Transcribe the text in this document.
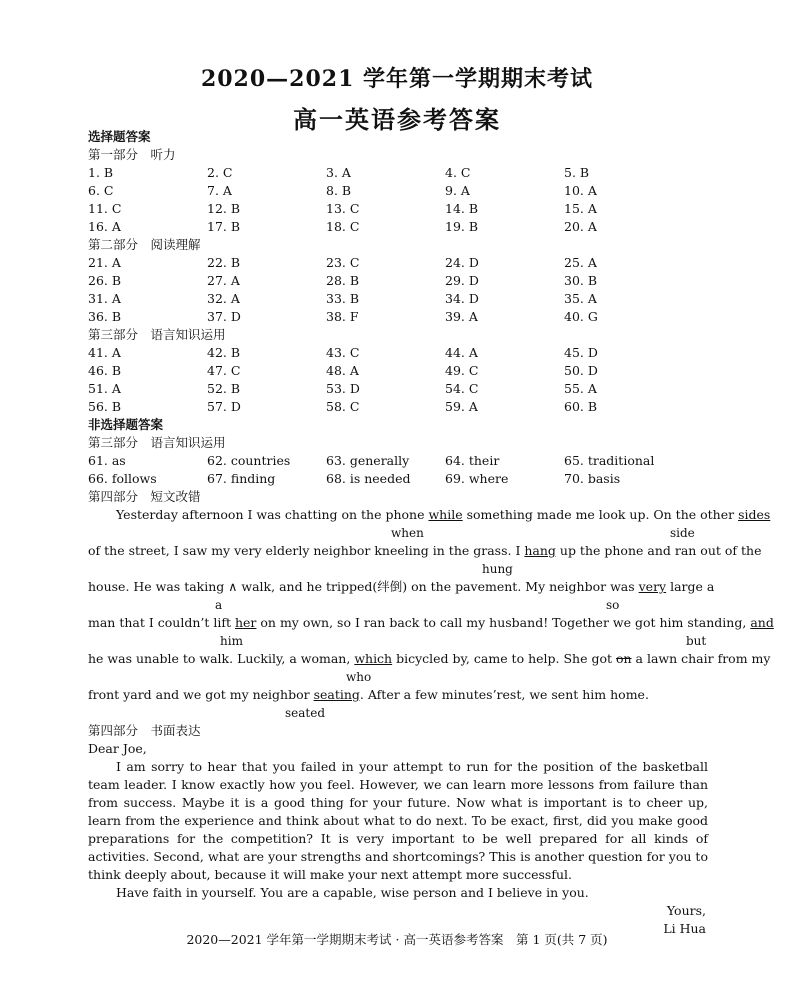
2020—2021 学年第一学期期末考试
高一英语参考答案
选择题答案
第一部分　听力
1. B	2. C	3. A	4. C	5. B
6. C	7. A	8. B	9. A	10. A
11. C	12. B	13. C	14. B	15. A
16. A	17. B	18. C	19. B	20. A
第二部分　阅读理解
21. A	22. B	23. C	24. D	25. A
26. B	27. A	28. B	29. D	30. B
31. A	32. A	33. B	34. D	35. A
36. B	37. D	38. F	39. A	40. G
第三部分　语言知识运用
41. A	42. B	43. C	44. A	45. D
46. B	47. C	48. A	49. C	50. D
51. A	52. B	53. D	54. C	55. A
56. B	57. D	58. C	59. A	60. B
非选择题答案
第三部分　语言知识运用
61. as	62. countries	63. generally	64. their	65. traditional
66. follows	67. finding	68. is needed	69. where	70. basis
第四部分　短文改错
Yesterday afternoon I was chatting on the phone while something made me look up. On the other sides
when	side
of the street, I saw my very elderly neighbor kneeling in the grass. I hang up the phone and ran out of the
hung
house. He was taking ∧ walk, and he tripped(绊倒) on the pavement. My neighbor was very large a
a	so
man that I couldn’t lift her on my own, so I ran back to call my husband! Together we got him standing, and
him	but
he was unable to walk. Luckily, a woman, which bicycled by, came to help. She got on a lawn chair from my
who
front yard and we got my neighbor seating. After a few minutes’rest, we sent him home.
seated
第四部分　书面表达
Dear Joe,

I am sorry to hear that you failed in your attempt to run for the position of the basketball team leader. I know exactly how you feel. However, we can learn more lessons from failure than from success. Maybe it is a good thing for your future. Now what is important is to cheer up, learn from the experience and think about what to do next. To be exact, first, did you make good preparations for the competition? It is very important to be well prepared for all kinds of activities. Second, what are your strengths and shortcomings? This is another question for you to think deeply about, because it will make your next attempt more successful.

Have faith in yourself. You are a capable, wise person and I believe in you.

Yours,
Li Hua
2020—2021 学年第一学期期末考试 · 高一英语参考答案　第 1 页(共 7 页)
